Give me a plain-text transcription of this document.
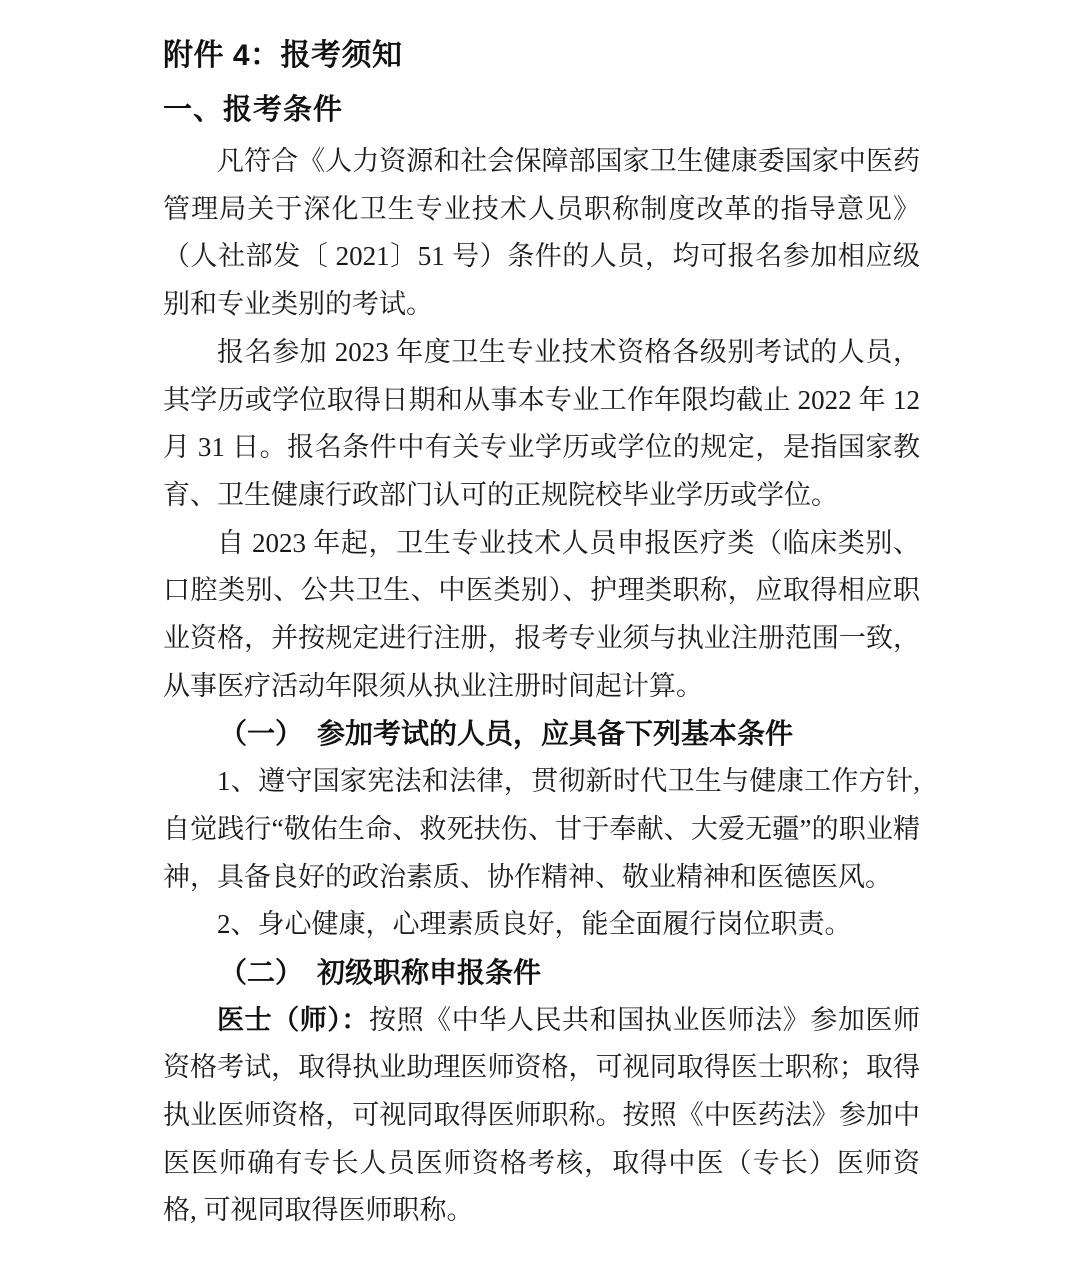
附件 4：报考须知
一、报考条件

凡符合《人力资源和社会保障部国家卫生健康委国家中医药管理局关于深化卫生专业技术人员职称制度改革的指导意见》（人社部发〔 2021〕51 号）条件的人员，均可报名参加相应级别和专业类别的考试。

报名参加 2023 年度卫生专业技术资格各级别考试的人员，其学历或学位取得日期和从事本专业工作年限均截止 2022 年 12 月 31 日。报名条件中有关专业学历或学位的规定，是指国家教育、卫生健康行政部门认可的正规院校毕业学历或学位。

自 2023 年起，卫生专业技术人员申报医疗类（临床类别、口腔类别、公共卫生、中医类别）、护理类职称，应取得相应职业资格，并按规定进行注册，报考专业须与执业注册范围一致，从事医疗活动年限须从执业注册时间起计算。

（一）　参加考试的人员，应具备下列基本条件

1、遵守国家宪法和法律，贯彻新时代卫生与健康工作方针, 自觉践行“敬佑生命、救死扶伤、甘于奉献、大爱无疆”的职业精神，具备良好的政治素质、协作精神、敬业精神和医德医风。

2、身心健康，心理素质良好，能全面履行岗位职责。

（二）　初级职称申报条件

医士（师）：按照《中华人民共和国执业医师法》参加医师资格考试，取得执业助理医师资格，可视同取得医士职称；取得执业医师资格，可视同取得医师职称。按照《中医药法》参加中医医师确有专长人员医师资格考核，取得中医（专长）医师资格, 可视同取得医师职称。
